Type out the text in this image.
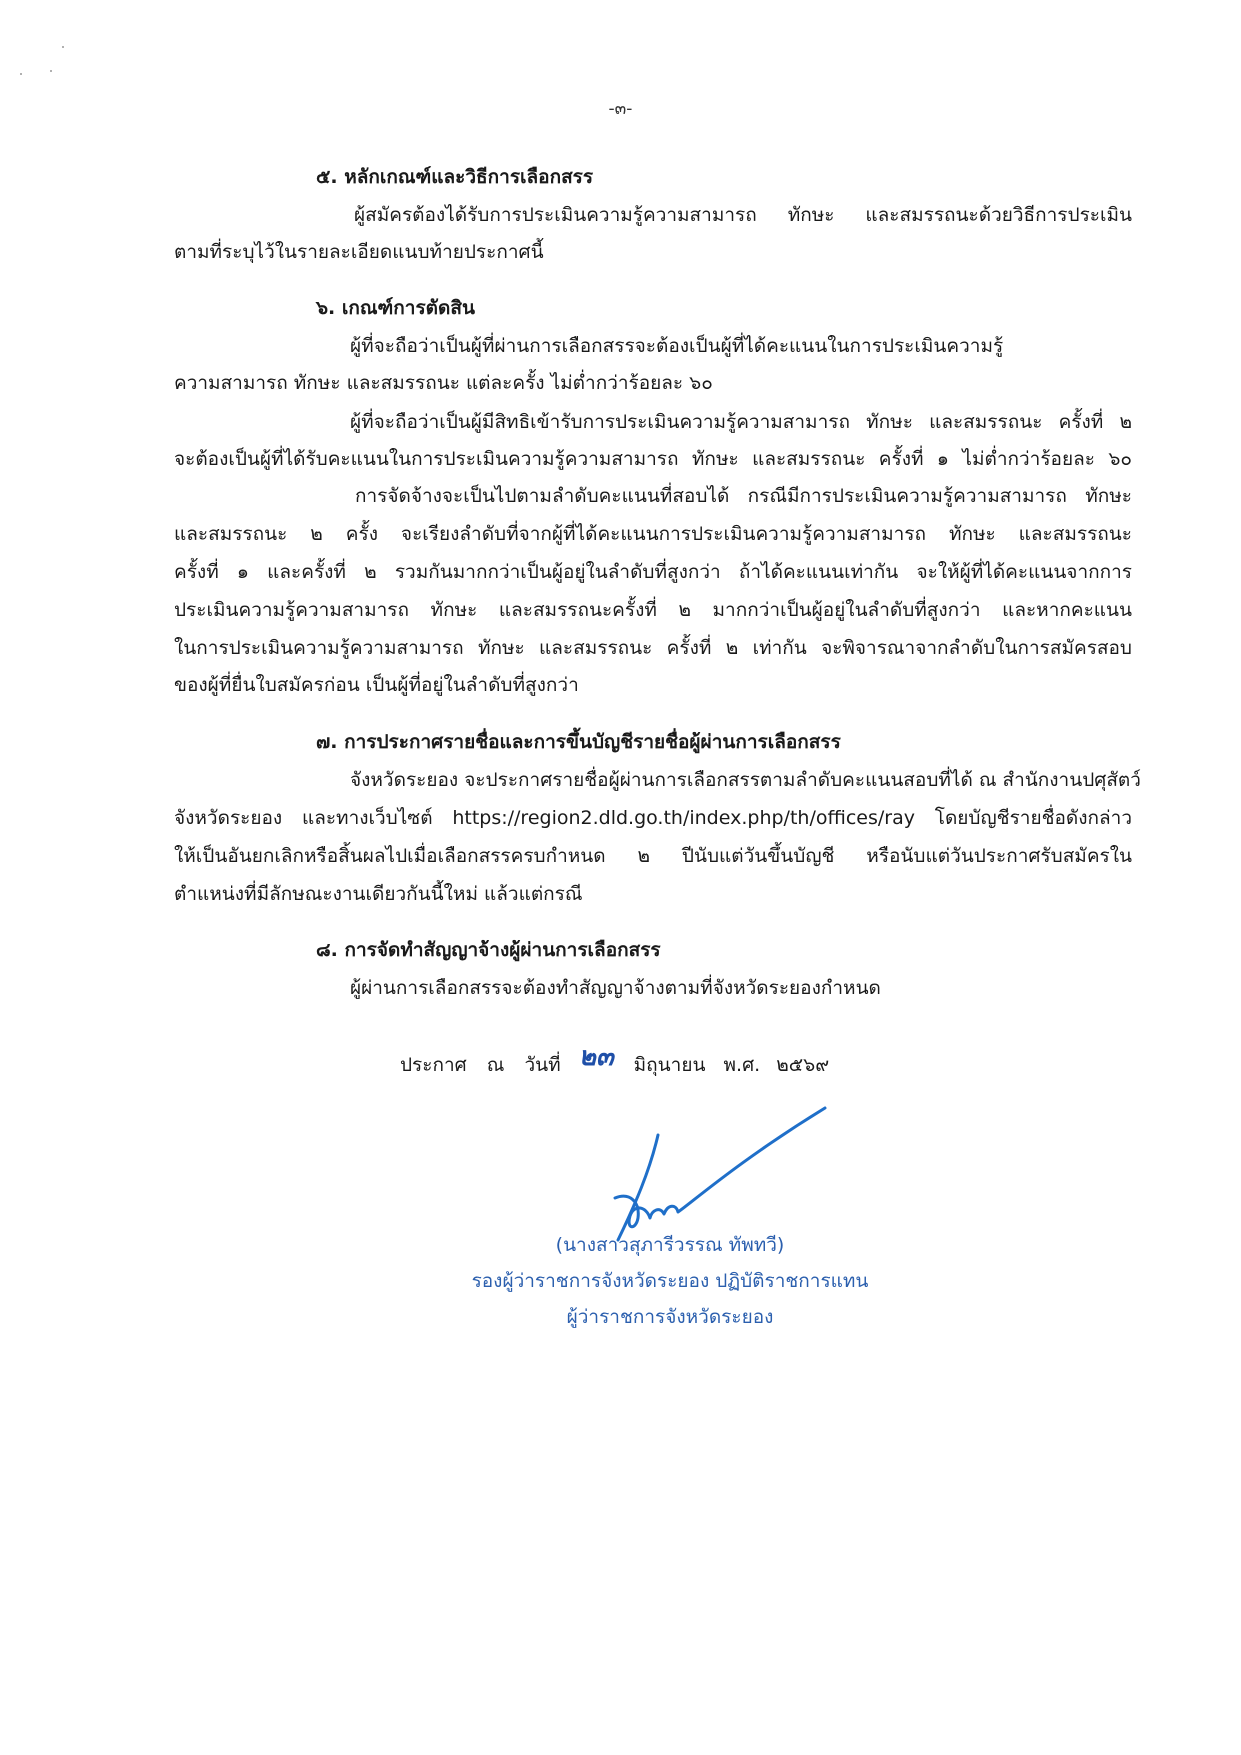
-๓-
๕. หลักเกณฑ์และวิธีการเลือกสรร
ผู้สมัครต้องได้รับการประเมินความรู้ความสามารถ ทักษะ และสมรรถนะด้วยวิธีการประเมิน
ตามที่ระบุไว้ในรายละเอียดแนบท้ายประกาศนี้
๖. เกณฑ์การตัดสิน
ผู้ที่จะถือว่าเป็นผู้ที่ผ่านการเลือกสรรจะต้องเป็นผู้ที่ได้คะแนนในการประเมินความรู้
ความสามารถ ทักษะ และสมรรถนะ แต่ละครั้ง ไม่ต่ำกว่าร้อยละ ๖๐
ผู้ที่จะถือว่าเป็นผู้มีสิทธิเข้ารับการประเมินความรู้ความสามารถ ทักษะ และสมรรถนะ ครั้งที่ ๒
จะต้องเป็นผู้ที่ได้รับคะแนนในการประเมินความรู้ความสามารถ ทักษะ และสมรรถนะ ครั้งที่ ๑ ไม่ต่ำกว่าร้อยละ ๖๐
การจัดจ้างจะเป็นไปตามลำดับคะแนนที่สอบได้ กรณีมีการประเมินความรู้ความสามารถ ทักษะ
และสมรรถนะ ๒ ครั้ง จะเรียงลำดับที่จากผู้ที่ได้คะแนนการประเมินความรู้ความสามารถ ทักษะ และสมรรถนะ
ครั้งที่ ๑ และครั้งที่ ๒ รวมกันมากกว่าเป็นผู้อยู่ในลำดับที่สูงกว่า ถ้าได้คะแนนเท่ากัน จะให้ผู้ที่ได้คะแนนจากการ
ประเมินความรู้ความสามารถ ทักษะ และสมรรถนะครั้งที่ ๒ มากกว่าเป็นผู้อยู่ในลำดับที่สูงกว่า และหากคะแนน
ในการประเมินความรู้ความสามารถ ทักษะ และสมรรถนะ ครั้งที่ ๒ เท่ากัน จะพิจารณาจากลำดับในการสมัครสอบ
ของผู้ที่ยื่นใบสมัครก่อน เป็นผู้ที่อยู่ในลำดับที่สูงกว่า
๗. การประกาศรายชื่อและการขึ้นบัญชีรายชื่อผู้ผ่านการเลือกสรร
จังหวัดระยอง จะประกาศรายชื่อผู้ผ่านการเลือกสรรตามลำดับคะแนนสอบที่ได้ ณ สำนักงานปศุสัตว์
จังหวัดระยอง และทางเว็บไซต์ https://region2.dld.go.th/index.php/th/offices/ray โดยบัญชีรายชื่อดังกล่าว
ให้เป็นอันยกเลิกหรือสิ้นผลไปเมื่อเลือกสรรครบกำหนด ๒ ปีนับแต่วันขึ้นบัญชี หรือนับแต่วันประกาศรับสมัครใน
ตำแหน่งที่มีลักษณะงานเดียวกันนี้ใหม่ แล้วแต่กรณี
๘. การจัดทำสัญญาจ้างผู้ผ่านการเลือกสรร
ผู้ผ่านการเลือกสรรจะต้องทำสัญญาจ้างตามที่จังหวัดระยองกำหนด
ประกาศ ณ วันที่ ๒๓ มิถุนายน พ.ศ. ๒๕๖๙
(นางสาวสุภารีวรรณ ทัพทวี)
รองผู้ว่าราชการจังหวัดระยอง ปฏิบัติราชการแทน
ผู้ว่าราชการจังหวัดระยอง
